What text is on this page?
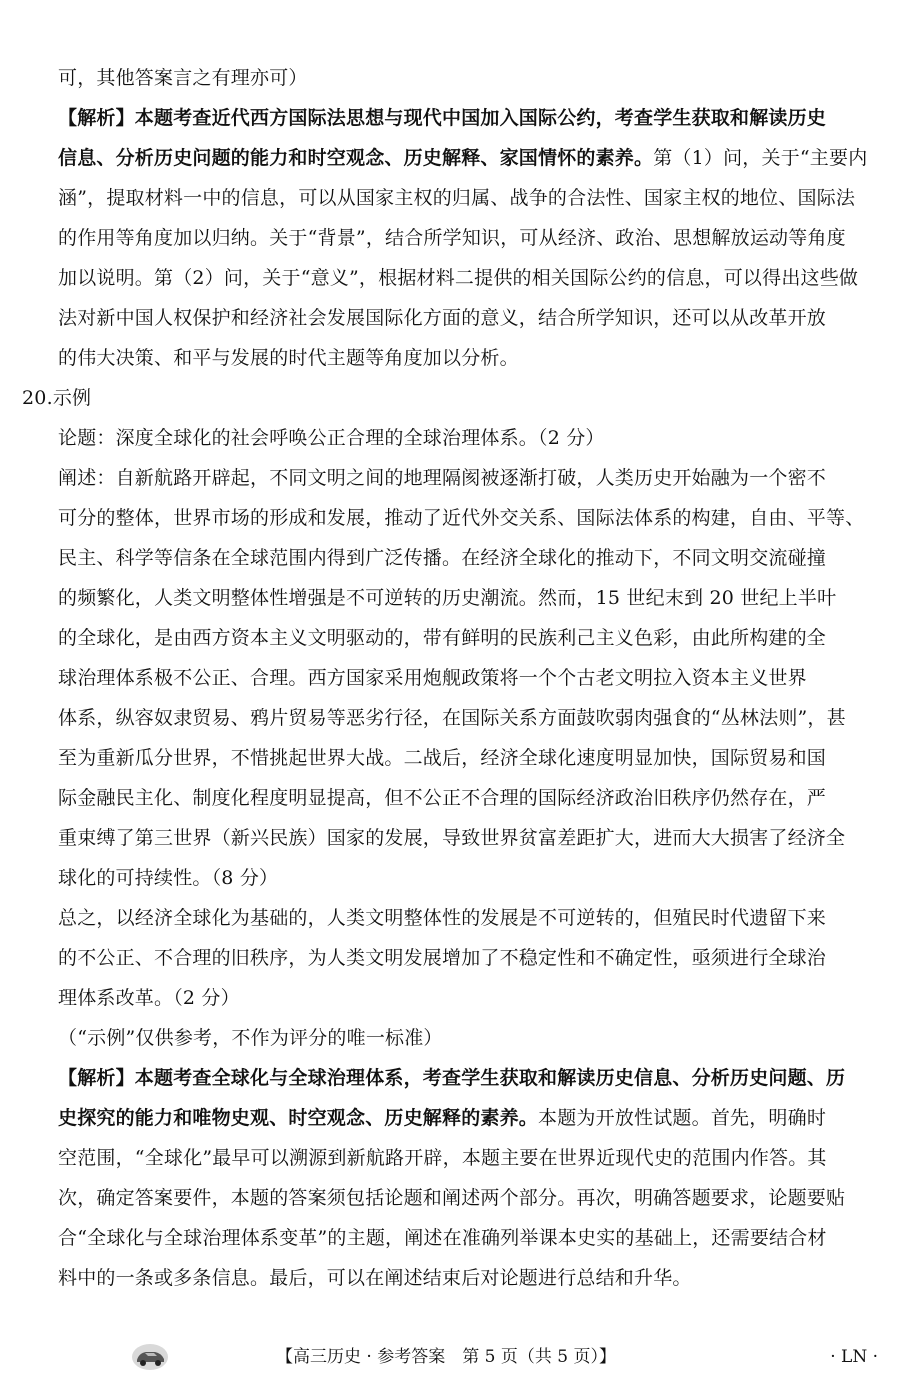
可，其他答案言之有理亦可）
【解析】本题考查近代西方国际法思想与现代中国加入国际公约，考查学生获取和解读历史
信息、分析历史问题的能力和时空观念、历史解释、家国情怀的素养。第（1）问，关于“主要内
涵”，提取材料一中的信息，可以从国家主权的归属、战争的合法性、国家主权的地位、国际法
的作用等角度加以归纳。关于“背景”，结合所学知识，可从经济、政治、思想解放运动等角度
加以说明。第（2）问，关于“意义”，根据材料二提供的相关国际公约的信息，可以得出这些做
法对新中国人权保护和经济社会发展国际化方面的意义，结合所学知识，还可以从改革开放
的伟大决策、和平与发展的时代主题等角度加以分析。
20.示例
论题：深度全球化的社会呼唤公正合理的全球治理体系。（2 分）
阐述：自新航路开辟起，不同文明之间的地理隔阂被逐渐打破，人类历史开始融为一个密不
可分的整体，世界市场的形成和发展，推动了近代外交关系、国际法体系的构建，自由、平等、
民主、科学等信条在全球范围内得到广泛传播。在经济全球化的推动下，不同文明交流碰撞
的频繁化，人类文明整体性增强是不可逆转的历史潮流。然而，15 世纪末到 20 世纪上半叶
的全球化，是由西方资本主义文明驱动的，带有鲜明的民族利己主义色彩，由此所构建的全
球治理体系极不公正、合理。西方国家采用炮舰政策将一个个古老文明拉入资本主义世界
体系，纵容奴隶贸易、鸦片贸易等恶劣行径，在国际关系方面鼓吹弱肉强食的“丛林法则”，甚
至为重新瓜分世界，不惜挑起世界大战。二战后，经济全球化速度明显加快，国际贸易和国
际金融民主化、制度化程度明显提高，但不公正不合理的国际经济政治旧秩序仍然存在，严
重束缚了第三世界（新兴民族）国家的发展，导致世界贫富差距扩大，进而大大损害了经济全
球化的可持续性。（8 分）
总之，以经济全球化为基础的，人类文明整体性的发展是不可逆转的，但殖民时代遗留下来
的不公正、不合理的旧秩序，为人类文明发展增加了不稳定性和不确定性，亟须进行全球治
理体系改革。（2 分）
（“示例”仅供参考，不作为评分的唯一标准）
【解析】本题考查全球化与全球治理体系，考查学生获取和解读历史信息、分析历史问题、历
史探究的能力和唯物史观、时空观念、历史解释的素养。本题为开放性试题。首先，明确时
空范围，“全球化”最早可以溯源到新航路开辟，本题主要在世界近现代史的范围内作答。其
次，确定答案要件，本题的答案须包括论题和阐述两个部分。再次，明确答题要求，论题要贴
合“全球化与全球治理体系变革”的主题，阐述在准确列举课本史实的基础上，还需要结合材
料中的一条或多条信息。最后，可以在阐述结束后对论题进行总结和升华。
【高三历史 · 参考答案　第 5 页（共 5 页）】	· LN ·
